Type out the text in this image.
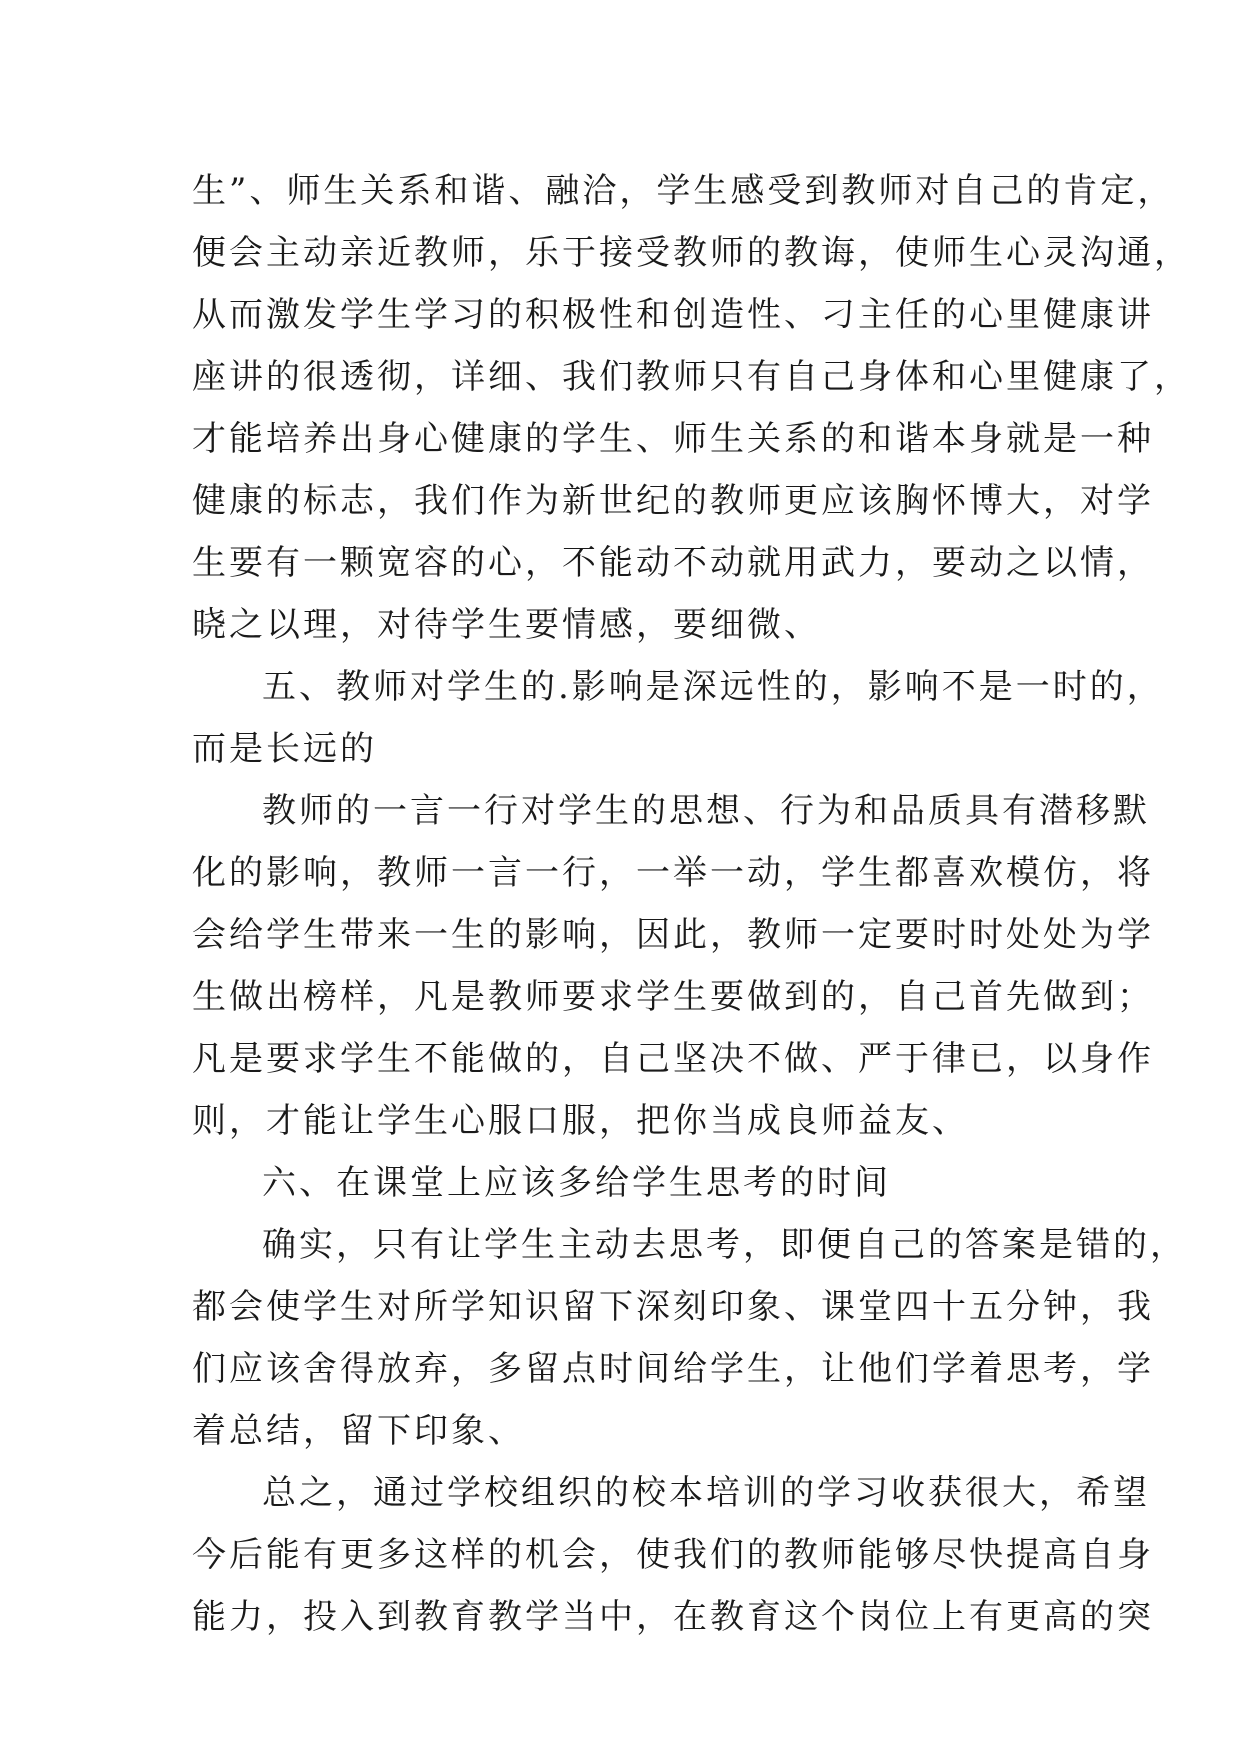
生”、师生关系和谐、融洽，学生感受到教师对自己的肯定，
便会主动亲近教师，乐于接受教师的教诲，使师生心灵沟通，
从而激发学生学习的积极性和创造性、刁主任的心里健康讲
座讲的很透彻，详细、我们教师只有自己身体和心里健康了，
才能培养出身心健康的学生、师生关系的和谐本身就是一种
健康的标志，我们作为新世纪的教师更应该胸怀博大，对学
生要有一颗宽容的心，不能动不动就用武力，要动之以情，
晓之以理，对待学生要情感，要细微、
五、教师对学生的.影响是深远性的，影响不是一时的，
而是长远的
教师的一言一行对学生的思想、行为和品质具有潜移默
化的影响，教师一言一行，一举一动，学生都喜欢模仿，将
会给学生带来一生的影响，因此，教师一定要时时处处为学
生做出榜样，凡是教师要求学生要做到的，自己首先做到；
凡是要求学生不能做的，自己坚决不做、严于律已，以身作
则，才能让学生心服口服，把你当成良师益友、
六、在课堂上应该多给学生思考的时间
确实，只有让学生主动去思考，即便自己的答案是错的，
都会使学生对所学知识留下深刻印象、课堂四十五分钟，我
们应该舍得放弃，多留点时间给学生，让他们学着思考，学
着总结，留下印象、
总之，通过学校组织的校本培训的学习收获很大，希望
今后能有更多这样的机会，使我们的教师能够尽快提高自身
能力，投入到教育教学当中，在教育这个岗位上有更高的突
